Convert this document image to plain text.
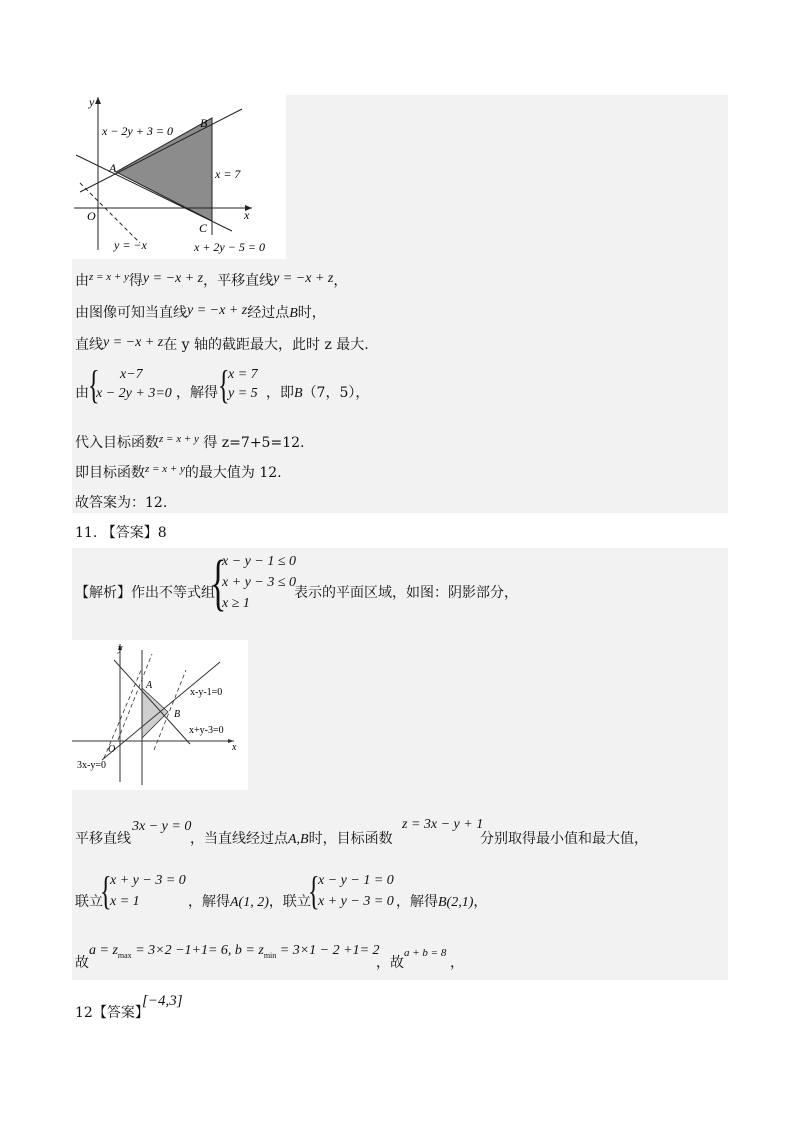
y
x
O
x − 2y + 3 = 0
x = 7
y = −x	x + 2y − 5 = 0
A
B
C
由$^{z = x + y}$得y = −x + z，平移直线y = −x + z，
由图像可知当直线y = −x + z经过点B时，
直线y = −x + z在 y 轴的截距最大，此时 z 最大.
由 { x−7
x − 2y + 3=0 ，解得 {
x = 7
y = 5 ，即B（7，5），
代入目标函数$^{z = x + y}$ 得 z=7+5=12.
即目标函数$^{z = x + y}$的最大值为 12.
故答案为：12.
11. 【答案】8
【解析】作出不等式组
{
x − y − 1 ≤ 0
x + y − 3 ≤ 0
x ≥ 1
表示的平面区域，如图：阴影部分，
y
x
O
A
B
x-y-1=0
x+y-3=0
3x-y=0
平移直线
3x − y = 0
，当直线经过点A,B时，目标函数
z = 3x − y + 1
分别取得最小值和最大值，
联立
{
x + y − 3 = 0
x = 1	，解得A(1, 2)，联立
{
x − y − 1 = 0
x + y − 3 = 0 ，解得B(2,1)，
故
$a = z_{max} = 3\times 2 -1+1= 6$, $b = z_{min} = 3\times 1 - 2 +1= 2$
，故
a + b = 8
，
12【答案】
[−4,3]
